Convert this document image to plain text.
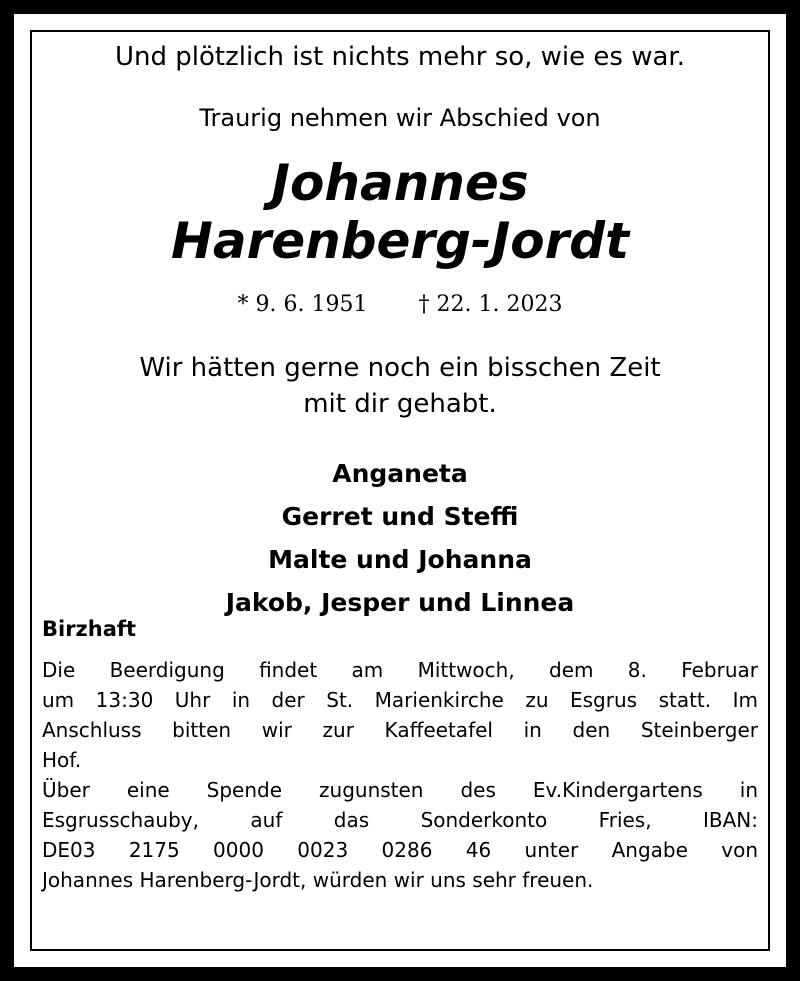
Und plötzlich ist nichts mehr so, wie es war.
Traurig nehmen wir Abschied von
Johannes
Harenberg-Jordt
* 9. 6. 1951 † 22. 1. 2023
Wir hätten gerne noch ein bisschen Zeit
mit dir gehabt.
Anganeta
Gerret und Steffi
Malte und Johanna
Jakob, Jesper und Linnea
Birzhaft
Die Beerdigung findet am Mittwoch, dem 8. Februar
um 13:30 Uhr in der St. Marienkirche zu Esgrus statt. Im
Anschluss bitten wir zur Kaffeetafel in den Steinberger
Hof.
Über eine Spende zugunsten des Ev.Kindergartens in
Esgrusschauby, auf das Sonderkonto Fries, IBAN:
DE03 2175 0000 0023 0286 46 unter Angabe von
Johannes Harenberg-Jordt, würden wir uns sehr freuen.
